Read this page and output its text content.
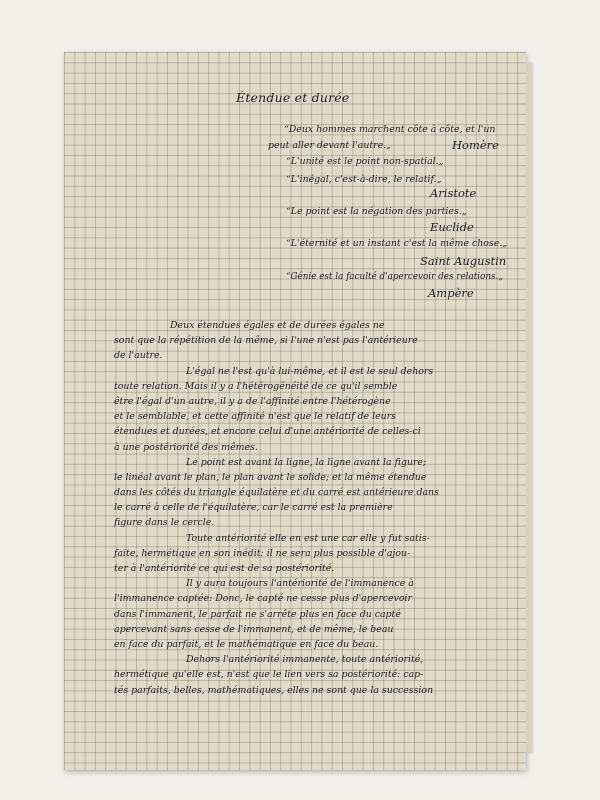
Étendue et durée
“Deux hommes marchent côte à côte, et l'un
peut aller devant l'autre.„	Homère
“L'unité est le point non-spatial.„
“L'inégal, c'est-à-dire, le relatif.„
Aristote
“Le point est la négation des parties.„
Euclide
“L'éternité et un instant c'est la même chose.„
Saint Augustin
“Génie est la faculté d'apercevoir des relations.„
Ampère
Deux étendues égales et de durées égales ne
sont que la répétition de la même, si l'une n'est pas l'antérieure
de l'autre.
L'égal ne l'est qu'à lui-même, et il est le seul dehors
toute relation. Mais il y a l'hétérogénéité de ce qu'il semble
être l'égal d'un autre, il y a de l'affinité entre l'hétérogène
et le semblable, et cette affinité n'est que le relatif de leurs
étendues et durées, et encore celui d'une antériorité de celles-ci
à une postériorité des mêmes.
Le point est avant la ligne, la ligne avant la figure;
le linéal avant le plan, le plan avant le solide; et la même étendue
dans les côtés du triangle équilatère et du carré est antérieure dans
le carré à celle de l'équilatère, car le carré est la première
figure dans le cercle.
Toute antériorité elle en est une car elle y fut satis-
faite, hermétique en son inédit: il ne sera plus possible d'ajou-
ter à l'antériorité ce qui est de sa postériorité.
Il y aura toujours l'antériorité de l'immanence à
l'immanence captée: Donc, le capté ne cesse plus d'apercevoir
dans l'immanent, le parfait ne s'arrête plus en face du capté
apercevant sans cesse de l'immanent, et de même, le beau
en face du parfait, et le mathématique en face du beau.
Dehors l'antériorité immanente, toute antériorité,
hermétique qu'elle est, n'est que le lien vers sa postériorité: cap-
tés parfaits, belles, mathématiques, elles ne sont que la succession
